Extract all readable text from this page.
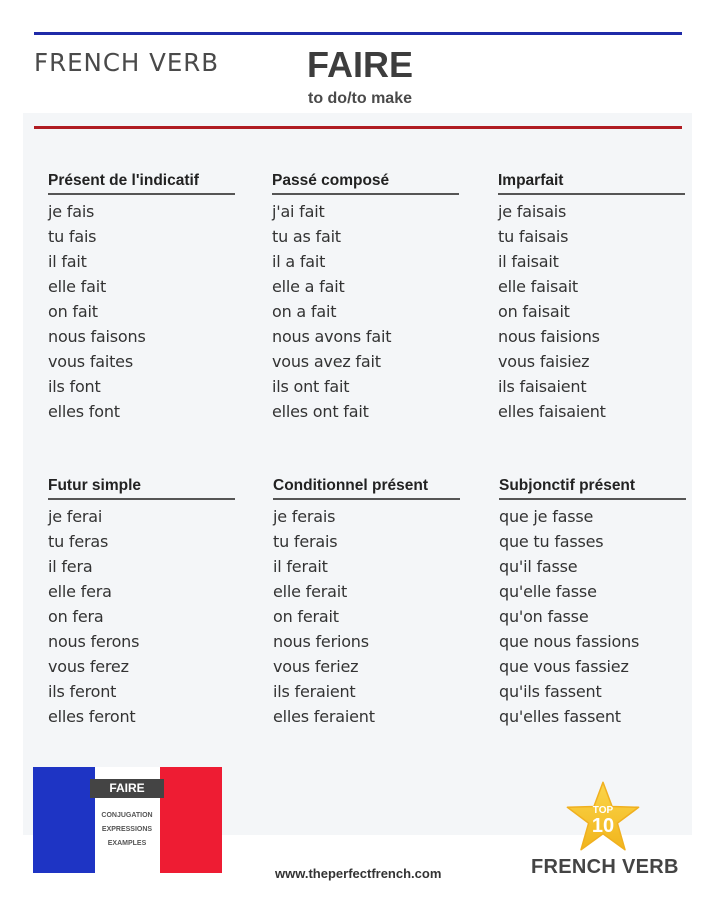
FRENCH VERB FAIRE
to do/to make
Présent de l'indicatif
je fais
tu fais
il fait
elle fait
on fait
nous faisons
vous faites
ils font
elles font
Passé composé
j'ai fait
tu as fait
il a fait
elle a fait
on a fait
nous avons fait
vous avez fait
ils ont fait
elles ont fait
Imparfait
je faisais
tu faisais
il faisait
elle faisait
on faisait
nous faisions
vous faisiez
ils faisaient
elles faisaient
Futur simple
je ferai
tu feras
il fera
elle fera
on fera
nous ferons
vous ferez
ils feront
elles feront
Conditionnel présent
je ferais
tu ferais
il ferait
elle ferait
on ferait
nous ferions
vous feriez
ils feraient
elles feraient
Subjonctif présent
que je fasse
que tu fasses
qu'il fasse
qu'elle fasse
qu'on fasse
que nous fassions
que vous fassiez
qu'ils fassent
qu'elles fassent
FAIRE
CONJUGATION
EXPRESSIONS
EXAMPLES
www.theperfectfrench.com
TOP
10
FRENCH VERB
